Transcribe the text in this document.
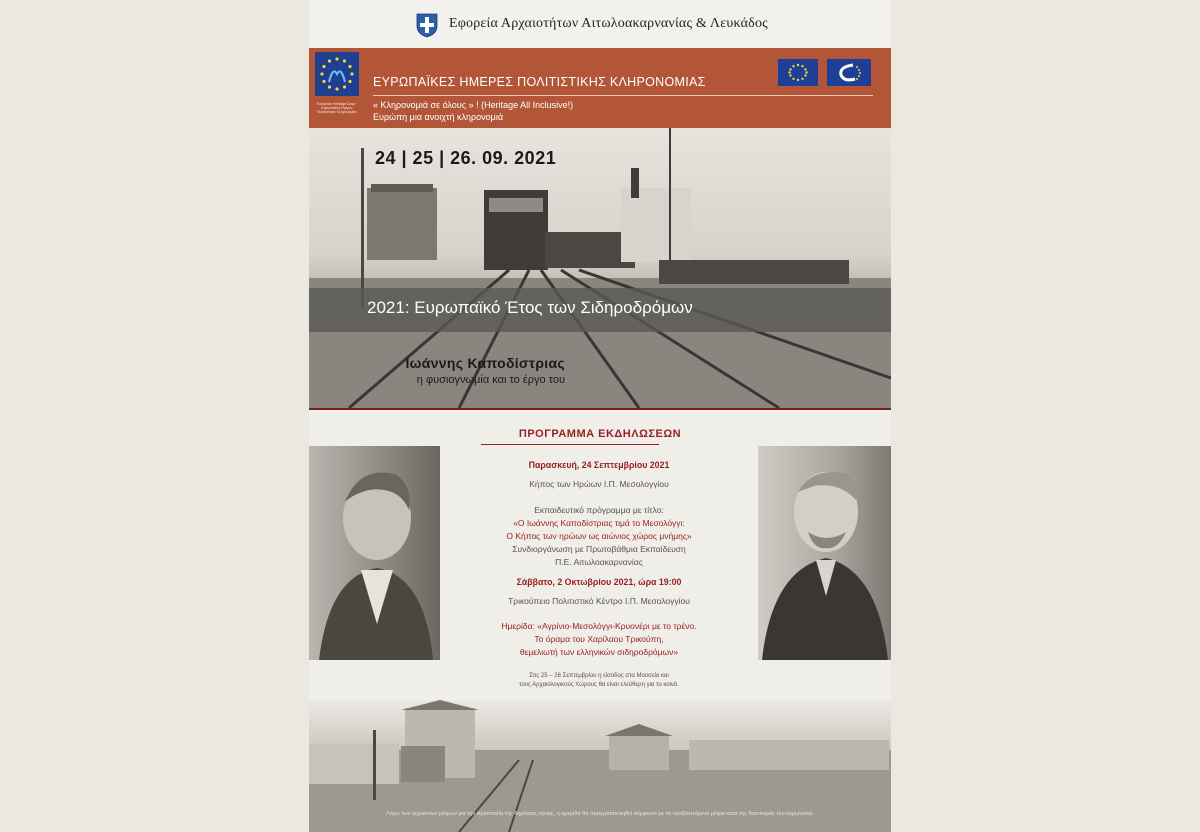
Εφορεία Αρχαιοτήτων Αιτωλοακαρνανίας & Λευκάδος
European Heritage Days · Ευρωπαϊκές Ημέρες Πολιτιστικής Κληρονομιάς
ΕΥΡΩΠΑΪΚΕΣ ΗΜΕΡΕΣ ΠΟΛΙΤΙΣΤΙΚΗΣ ΚΛΗΡΟΝΟΜΙΑΣ
« Κληρονομιά σε όλους » ! (Heritage All Inclusive!)
Ευρώπη μια ανοιχτή κληρονομιά
24 | 25 | 26. 09. 2021
2021: Ευρωπαϊκό Έτος των Σιδηροδρόμων
Ιωάννης Καποδίστριας
η φυσιογνωμία και το έργο του
ΠΡΟΓΡΑΜΜΑ ΕΚΔΗΛΩΣΕΩΝ
Παρασκευή, 24 Σεπτεμβρίου 2021
Κήπος των Ηρώων Ι.Π. Μεσολογγίου
Εκπαιδευτικό πρόγραμμα με τίτλο:
«Ο Ιωάννης Καποδίστριας τιμά το Μεσολόγγι:
Ο Κήπος των ηρώων ως αιώνιος χώρος μνήμης»
Συνδιοργάνωση με Πρωτοβάθμια Εκπαίδευση
Π.Ε. Αιτωλοακαρνανίας
Σάββατο, 2 Οκτωβρίου 2021, ώρα 19:00
Τρικούπειο Πολιτιστικό Κέντρο Ι.Π. Μεσολογγίου
Ημερίδα: «Αγρίνιο-Μεσολόγγι-Κρυονέρι με το τρένο.
Το όραμα του Χαρίλαου Τρικούπη,
θεμελιωτή των ελληνικών σιδηροδρόμων»
Στις 25 – 26 Σεπτεμβρίου η είσοδος στα Μουσεία και
τους Αρχαιολογικούς Χώρους θα είναι ελεύθερη για το κοινό.
Λόγω των ισχυόντων μέτρων για την προστασία της δημόσιας υγείας, η ημερίδα θα πραγματοποιηθεί σύμφωνα με τα προβλεπόμενα μέτρα κατά της διασποράς του κορωνοϊού.
